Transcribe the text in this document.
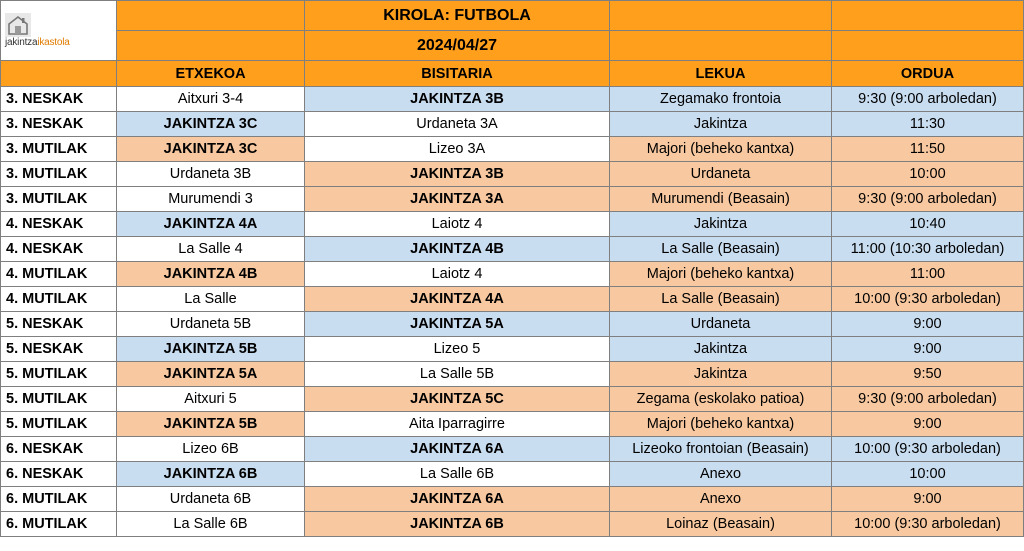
jakintzaikastola		KIROLA: FUTBOLA		
		2024/04/27		
	ETXEKOA	BISITARIA	LEKUA	ORDUA
3. NESKAK	Aitxuri 3-4	JAKINTZA 3B	Zegamako frontoia	9:30 (9:00 arboledan)
3. NESKAK	JAKINTZA 3C	Urdaneta 3A	Jakintza	11:30
3. MUTILAK	JAKINTZA 3C	Lizeo 3A	Majori (beheko kantxa)	11:50
3. MUTILAK	Urdaneta 3B	JAKINTZA 3B	Urdaneta	10:00
3. MUTILAK	Murumendi 3	JAKINTZA 3A	Murumendi (Beasain)	9:30 (9:00 arboledan)
4. NESKAK	JAKINTZA 4A	Laiotz 4	Jakintza	10:40
4. NESKAK	La Salle 4	JAKINTZA 4B	La Salle (Beasain)	11:00 (10:30 arboledan)
4. MUTILAK	JAKINTZA 4B	Laiotz 4	Majori (beheko kantxa)	11:00
4. MUTILAK	La Salle	JAKINTZA 4A	La Salle (Beasain)	10:00 (9:30 arboledan)
5. NESKAK	Urdaneta 5B	JAKINTZA 5A	Urdaneta	9:00
5. NESKAK	JAKINTZA 5B	Lizeo 5	Jakintza	9:00
5. MUTILAK	JAKINTZA 5A	La Salle 5B	Jakintza	9:50
5. MUTILAK	Aitxuri 5	JAKINTZA 5C	Zegama (eskolako patioa)	9:30 (9:00 arboledan)
5. MUTILAK	JAKINTZA 5B	Aita Iparragirre	Majori (beheko kantxa)	9:00
6. NESKAK	Lizeo 6B	JAKINTZA 6A	Lizeoko frontoian (Beasain)	10:00 (9:30 arboledan)
6. NESKAK	JAKINTZA 6B	La Salle 6B	Anexo	10:00
6. MUTILAK	Urdaneta 6B	JAKINTZA 6A	Anexo	9:00
6. MUTILAK	La Salle 6B	JAKINTZA 6B	Loinaz (Beasain)	10:00 (9:30 arboledan)
